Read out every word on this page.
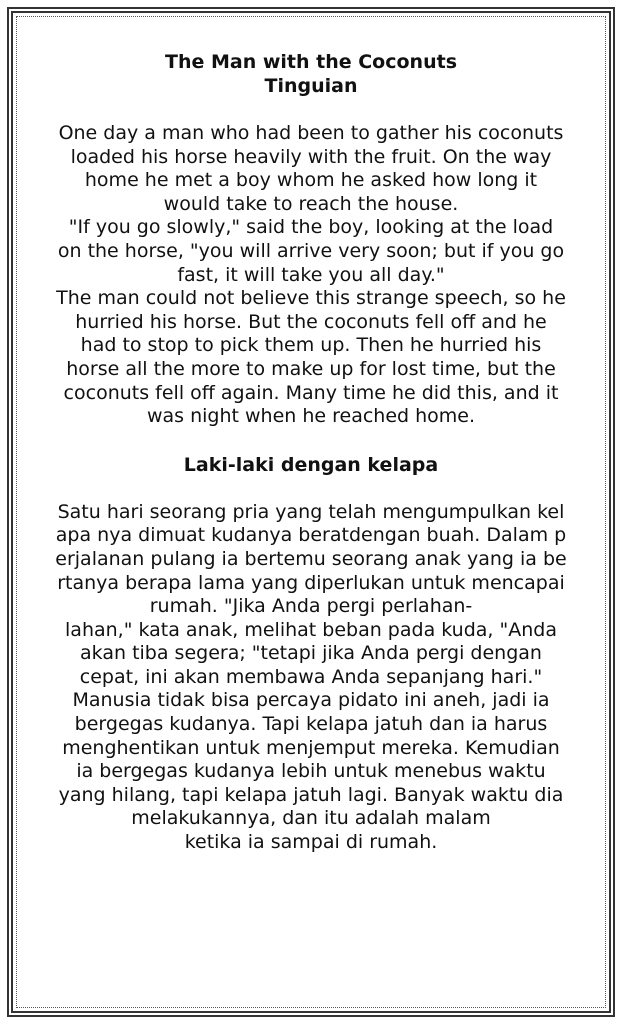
The Man with the Coconuts
Tinguian
One day a man who had been to gather his coconuts
loaded his horse heavily with the fruit. On the way
home he met a boy whom he asked how long it
would take to reach the house.
"If you go slowly," said the boy, looking at the load
on the horse, "you will arrive very soon; but if you go
fast, it will take you all day."
The man could not believe this strange speech, so he
hurried his horse. But the coconuts fell off and he
had to stop to pick them up. Then he hurried his
horse all the more to make up for lost time, but the
coconuts fell off again. Many time he did this, and it
was night when he reached home.
Laki-laki dengan kelapa
Satu hari seorang pria yang telah mengumpulkan kel
apa nya dimuat kudanya beratdengan buah. Dalam p
erjalanan pulang ia bertemu seorang anak yang ia be
rtanya berapa lama yang diperlukan untuk mencapai
rumah. "Jika Anda pergi perlahan-
lahan," kata anak, melihat beban pada kuda, "Anda
akan tiba segera; "tetapi jika Anda pergi dengan
cepat, ini akan membawa Anda sepanjang hari."
Manusia tidak bisa percaya pidato ini aneh, jadi ia
bergegas kudanya. Tapi kelapa jatuh dan ia harus
menghentikan untuk menjemput mereka. Kemudian
ia bergegas kudanya lebih untuk menebus waktu
yang hilang, tapi kelapa jatuh lagi. Banyak waktu dia
melakukannya, dan itu adalah malam
ketika ia sampai di rumah.
